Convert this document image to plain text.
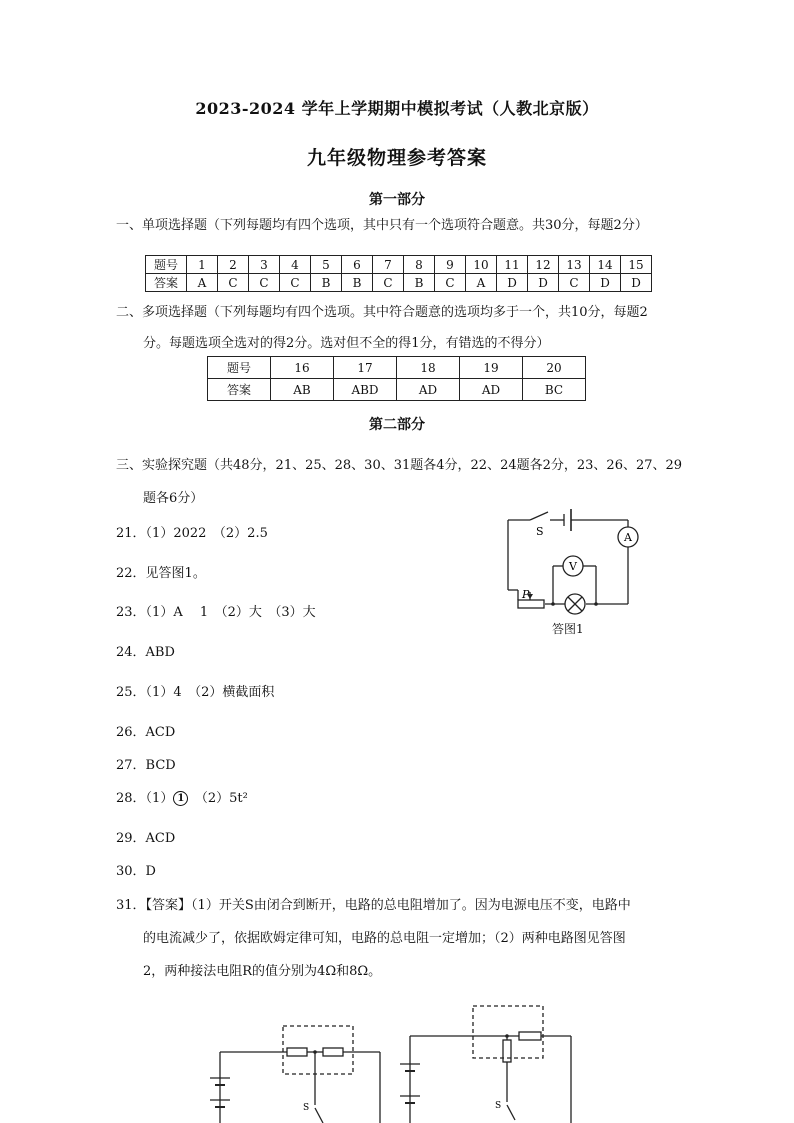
2023-2024 学年上学期期中模拟考试（人教北京版）
九年级物理参考答案
第一部分
一、单项选择题（下列每题均有四个选项，其中只有一个选项符合题意。共30分，每题2分）
题号	1	2	3	4	5	6	7	8	9	10	11	12	13	14	15
答案	A	C	C	C	B	B	C	B	C	A	D	D	C	D	D
二、多项选择题（下列每题均有四个选项。其中符合题意的选项均多于一个，共10分，每题2
分。每题选项全选对的得2分。选对但不全的得1分，有错选的不得分）
题号	16	17	18	19	20
答案	AB	ABD	AD	AD	BC
第二部分
三、实验探究题（共48分，21、25、28、30、31题各4分，22、24题各2分，23、26、27、29
题各6分）
21．（1）2022　（2）2.5
22．见答图1。
23．（1）A　 1　（2）大　（3）大
24．ABD
25．（1）4　（2）横截面积
26．ACD
27．BCD
28．（1） 1　（2）5t²
29．ACD
30．D
31．【答案】（1）开关S由闭合到断开，电路的总电阻增加了。因为电源电压不变，电路中
的电流减少了，依据欧姆定律可知，电路的总电阻一定增加；（2）两种电路图见答图
2，两种接法电阻R的值分别为4Ω和8Ω。
S	A
V
P
答图1
S	S
